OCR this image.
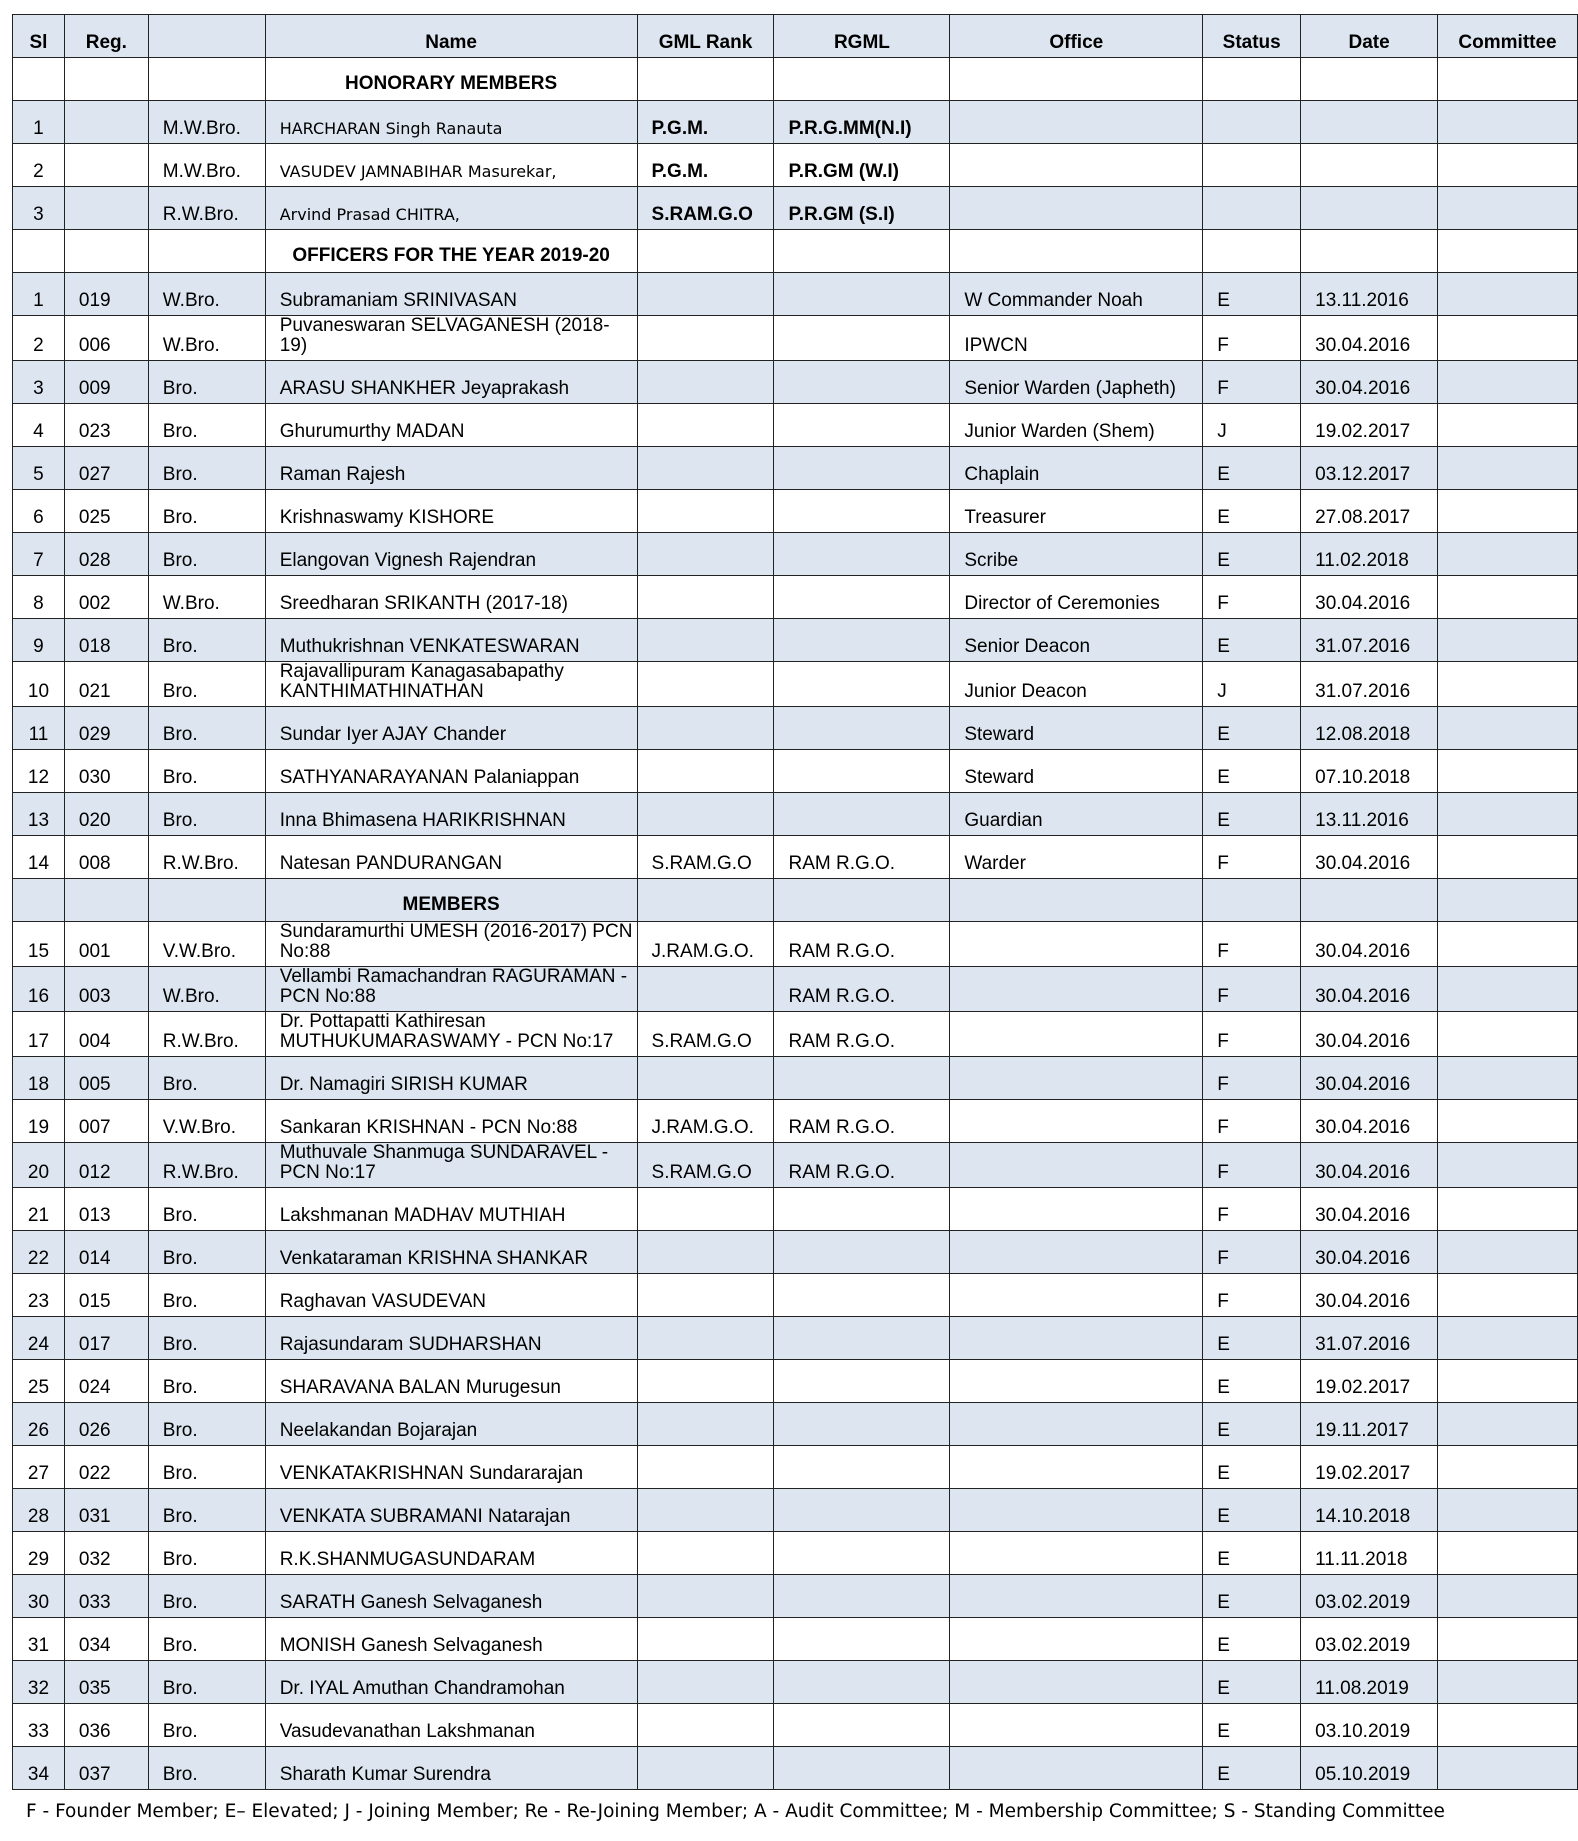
Sl	Reg.		Name	GML Rank	RGML	Office	Status	Date	Committee
			HONORARY MEMBERS						
1		M.W.Bro.	HARCHARAN Singh Ranauta	P.G.M.	P.R.G.MM(N.I)				
2		M.W.Bro.	VASUDEV JAMNABIHAR Masurekar,	P.G.M.	P.R.GM (W.I)				
3		R.W.Bro.	Arvind Prasad CHITRA,	S.RAM.G.O	P.R.GM (S.I)				
			OFFICERS FOR THE YEAR 2019-20						
1	019	W.Bro.	Subramaniam SRINIVASAN			W Commander Noah	E	13.11.2016	
2	006	W.Bro.	Puvaneswaran SELVAGANESH (2018-19)			IPWCN	F	30.04.2016	
3	009	Bro.	ARASU SHANKHER Jeyaprakash			Senior Warden (Japheth)	F	30.04.2016	
4	023	Bro.	Ghurumurthy MADAN			Junior Warden (Shem)	J	19.02.2017	
5	027	Bro.	Raman Rajesh			Chaplain	E	03.12.2017	
6	025	Bro.	Krishnaswamy KISHORE			Treasurer	E	27.08.2017	
7	028	Bro.	Elangovan Vignesh Rajendran			Scribe	E	11.02.2018	
8	002	W.Bro.	Sreedharan SRIKANTH (2017-18)			Director of Ceremonies	F	30.04.2016	
9	018	Bro.	Muthukrishnan VENKATESWARAN			Senior Deacon	E	31.07.2016	
10	021	Bro.	Rajavallipuram Kanagasabapathy KANTHIMATHINATHAN			Junior Deacon	J	31.07.2016	
11	029	Bro.	Sundar Iyer AJAY Chander			Steward	E	12.08.2018	
12	030	Bro.	SATHYANARAYANAN Palaniappan			Steward	E	07.10.2018	
13	020	Bro.	Inna Bhimasena HARIKRISHNAN			Guardian	E	13.11.2016	
14	008	R.W.Bro.	Natesan PANDURANGAN	S.RAM.G.O	RAM R.G.O.	Warder	F	30.04.2016	
			MEMBERS						
15	001	V.W.Bro.	Sundaramurthi UMESH (2016-2017) PCN No:88	J.RAM.G.O.	RAM R.G.O.		F	30.04.2016	
16	003	W.Bro.	Vellambi Ramachandran RAGURAMAN - PCN No:88		RAM R.G.O.		F	30.04.2016	
17	004	R.W.Bro.	Dr. Pottapatti Kathiresan MUTHUKUMARASWAMY - PCN No:17	S.RAM.G.O	RAM R.G.O.		F	30.04.2016	
18	005	Bro.	Dr. Namagiri SIRISH KUMAR				F	30.04.2016	
19	007	V.W.Bro.	Sankaran KRISHNAN - PCN No:88	J.RAM.G.O.	RAM R.G.O.		F	30.04.2016	
20	012	R.W.Bro.	Muthuvale Shanmuga SUNDARAVEL - PCN No:17	S.RAM.G.O	RAM R.G.O.		F	30.04.2016	
21	013	Bro.	Lakshmanan MADHAV MUTHIAH				F	30.04.2016	
22	014	Bro.	Venkataraman KRISHNA SHANKAR				F	30.04.2016	
23	015	Bro.	Raghavan VASUDEVAN				F	30.04.2016	
24	017	Bro.	Rajasundaram SUDHARSHAN				E	31.07.2016	
25	024	Bro.	SHARAVANA BALAN Murugesun				E	19.02.2017	
26	026	Bro.	Neelakandan Bojarajan				E	19.11.2017	
27	022	Bro.	VENKATAKRISHNAN Sundararajan				E	19.02.2017	
28	031	Bro.	VENKATA SUBRAMANI Natarajan				E	14.10.2018	
29	032	Bro.	R.K.SHANMUGASUNDARAM				E	11.11.2018	
30	033	Bro.	SARATH Ganesh Selvaganesh				E	03.02.2019	
31	034	Bro.	MONISH Ganesh Selvaganesh				E	03.02.2019	
32	035	Bro.	Dr. IYAL Amuthan Chandramohan				E	11.08.2019	
33	036	Bro.	Vasudevanathan Lakshmanan				E	03.10.2019	
34	037	Bro.	Sharath Kumar Surendra				E	05.10.2019	
F - Founder Member; E– Elevated; J - Joining Member; Re - Re-Joining Member; A - Audit Committee; M - Membership Committee; S - Standing Committee
